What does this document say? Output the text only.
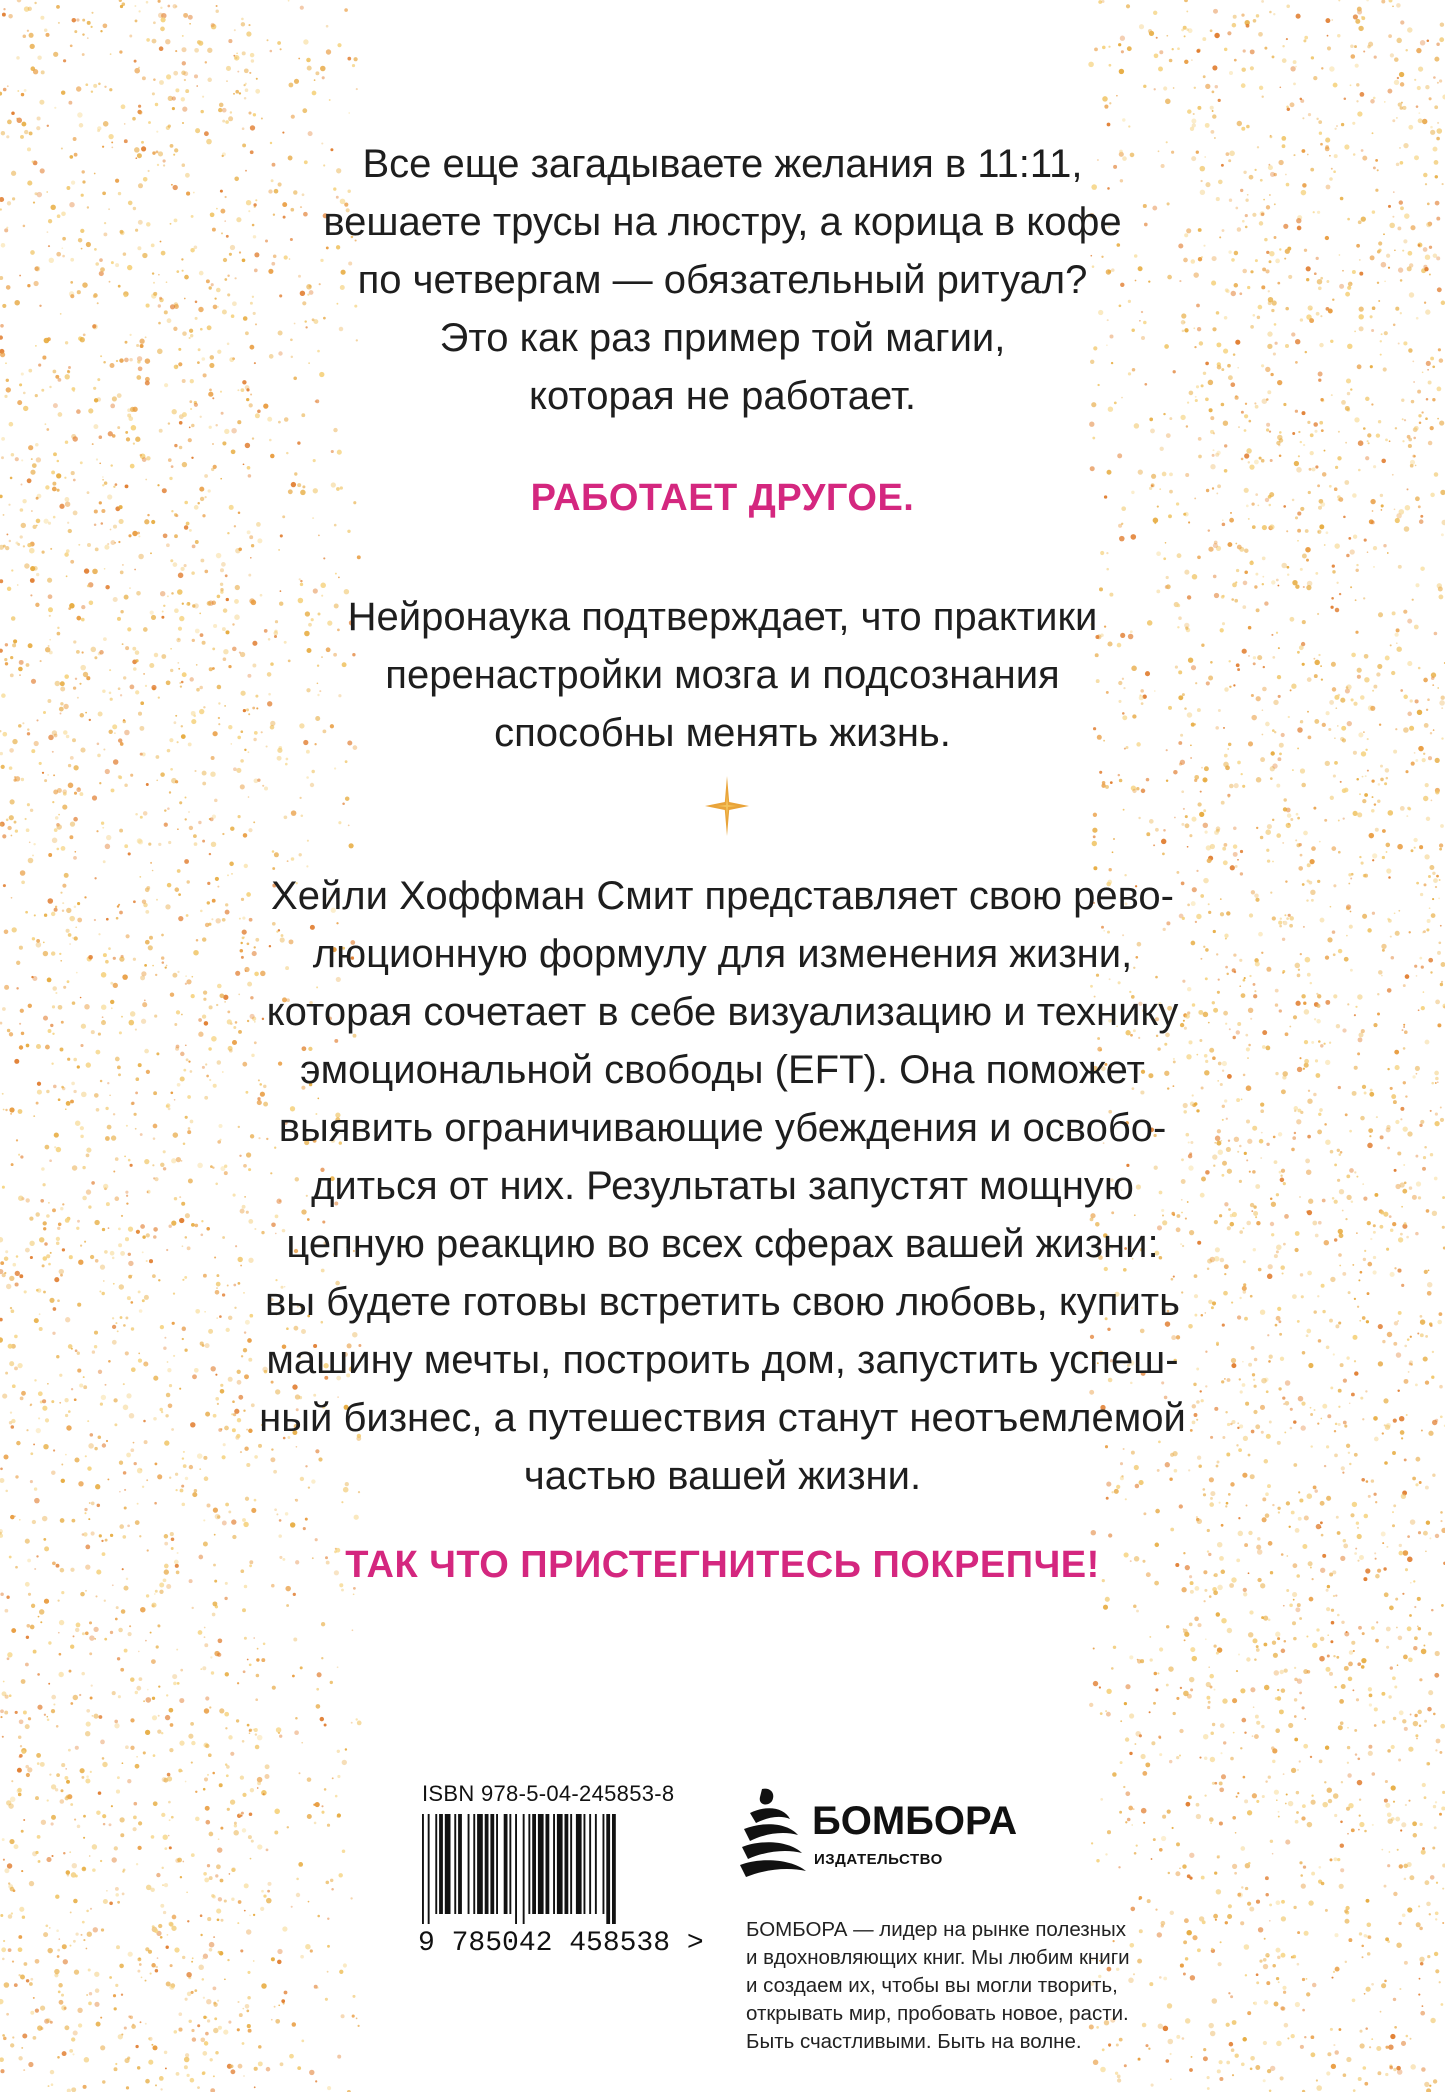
Все еще загадываете желания в 11:11,

вешаете трусы на люстру, а корица в кофе

по четвергам — обязательный ритуал?

Это как раз пример той магии,

которая не работает.

РАБОТАЕТ ДРУГОЕ.

Нейронаука подтверждает, что практики

перенастройки мозга и подсознания

способны менять жизнь.

Хейли Хоффман Смит представляет свою рево-

люционную формулу для изменения жизни,

которая сочетает в себе визуализацию и технику

эмоциональной свободы (EFT). Она поможет

выявить ограничивающие убеждения и освобо-

диться от них. Результаты запустят мощную

цепную реакцию во всех сферах вашей жизни:

вы будете готовы встретить свою любовь, купить

машину мечты, построить дом, запустить успеш-

ный бизнес, а путешествия станут неотъемлемой

частью вашей жизни.

ТАК ЧТО ПРИСТЕГНИТЕСЬ ПОКРЕПЧЕ!

ISBN 978-5-04-245853-8

9 785042 458538 >
БОМБОРА
ИЗДАТЕЛЬСТВО

БОМБОРА — лидер на рынке полезных

и вдохновляющих книг. Мы любим книги

и создаем их, чтобы вы могли творить,

открывать мир, пробовать новое, расти.

Быть счастливыми. Быть на волне.
